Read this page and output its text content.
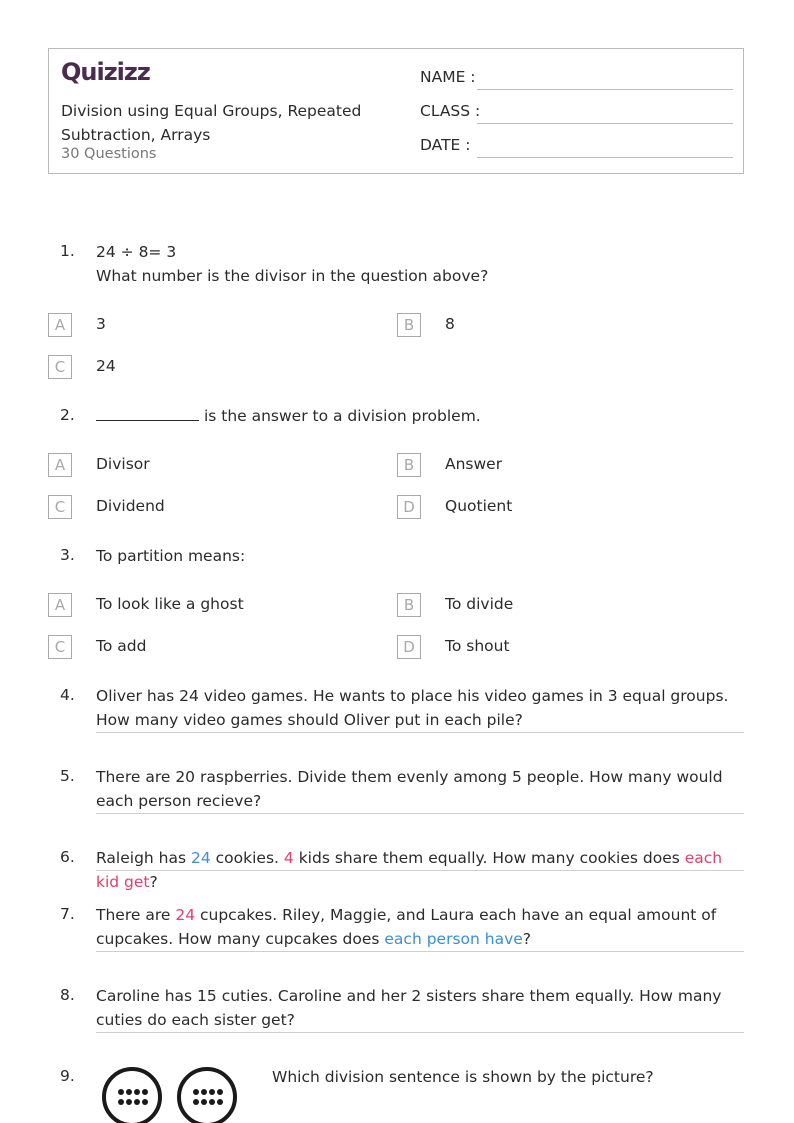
Quizizz
Division using Equal Groups, Repeated Subtraction, Arrays
30 Questions
NAME :
CLASS :
DATE :
1. 24 ÷ 8= 3
What number is the divisor in the question above?
A	3	B	8
C	24
2.	is the answer to a division problem.
A	Divisor	B	Answer
C	Dividend	D	Quotient
3. To partition means:
A	To look like a ghost	B	To divide
C	To add	D	To shout
4. Oliver has 24 video games. He wants to place his video games in 3 equal groups. How many video games should Oliver put in each pile?
5. There are 20 raspberries. Divide them evenly among 5 people. How many would each person recieve?
6. Raleigh has 24 cookies. 4 kids share them equally. How many cookies does each kid get?
7. There are 24 cupcakes. Riley, Maggie, and Laura each have an equal amount of cupcakes. How many cupcakes does each person have?
8. Caroline has 15 cuties. Caroline and her 2 sisters share them equally. How many cuties do each sister get?
9.	Which division sentence is shown by the picture?
